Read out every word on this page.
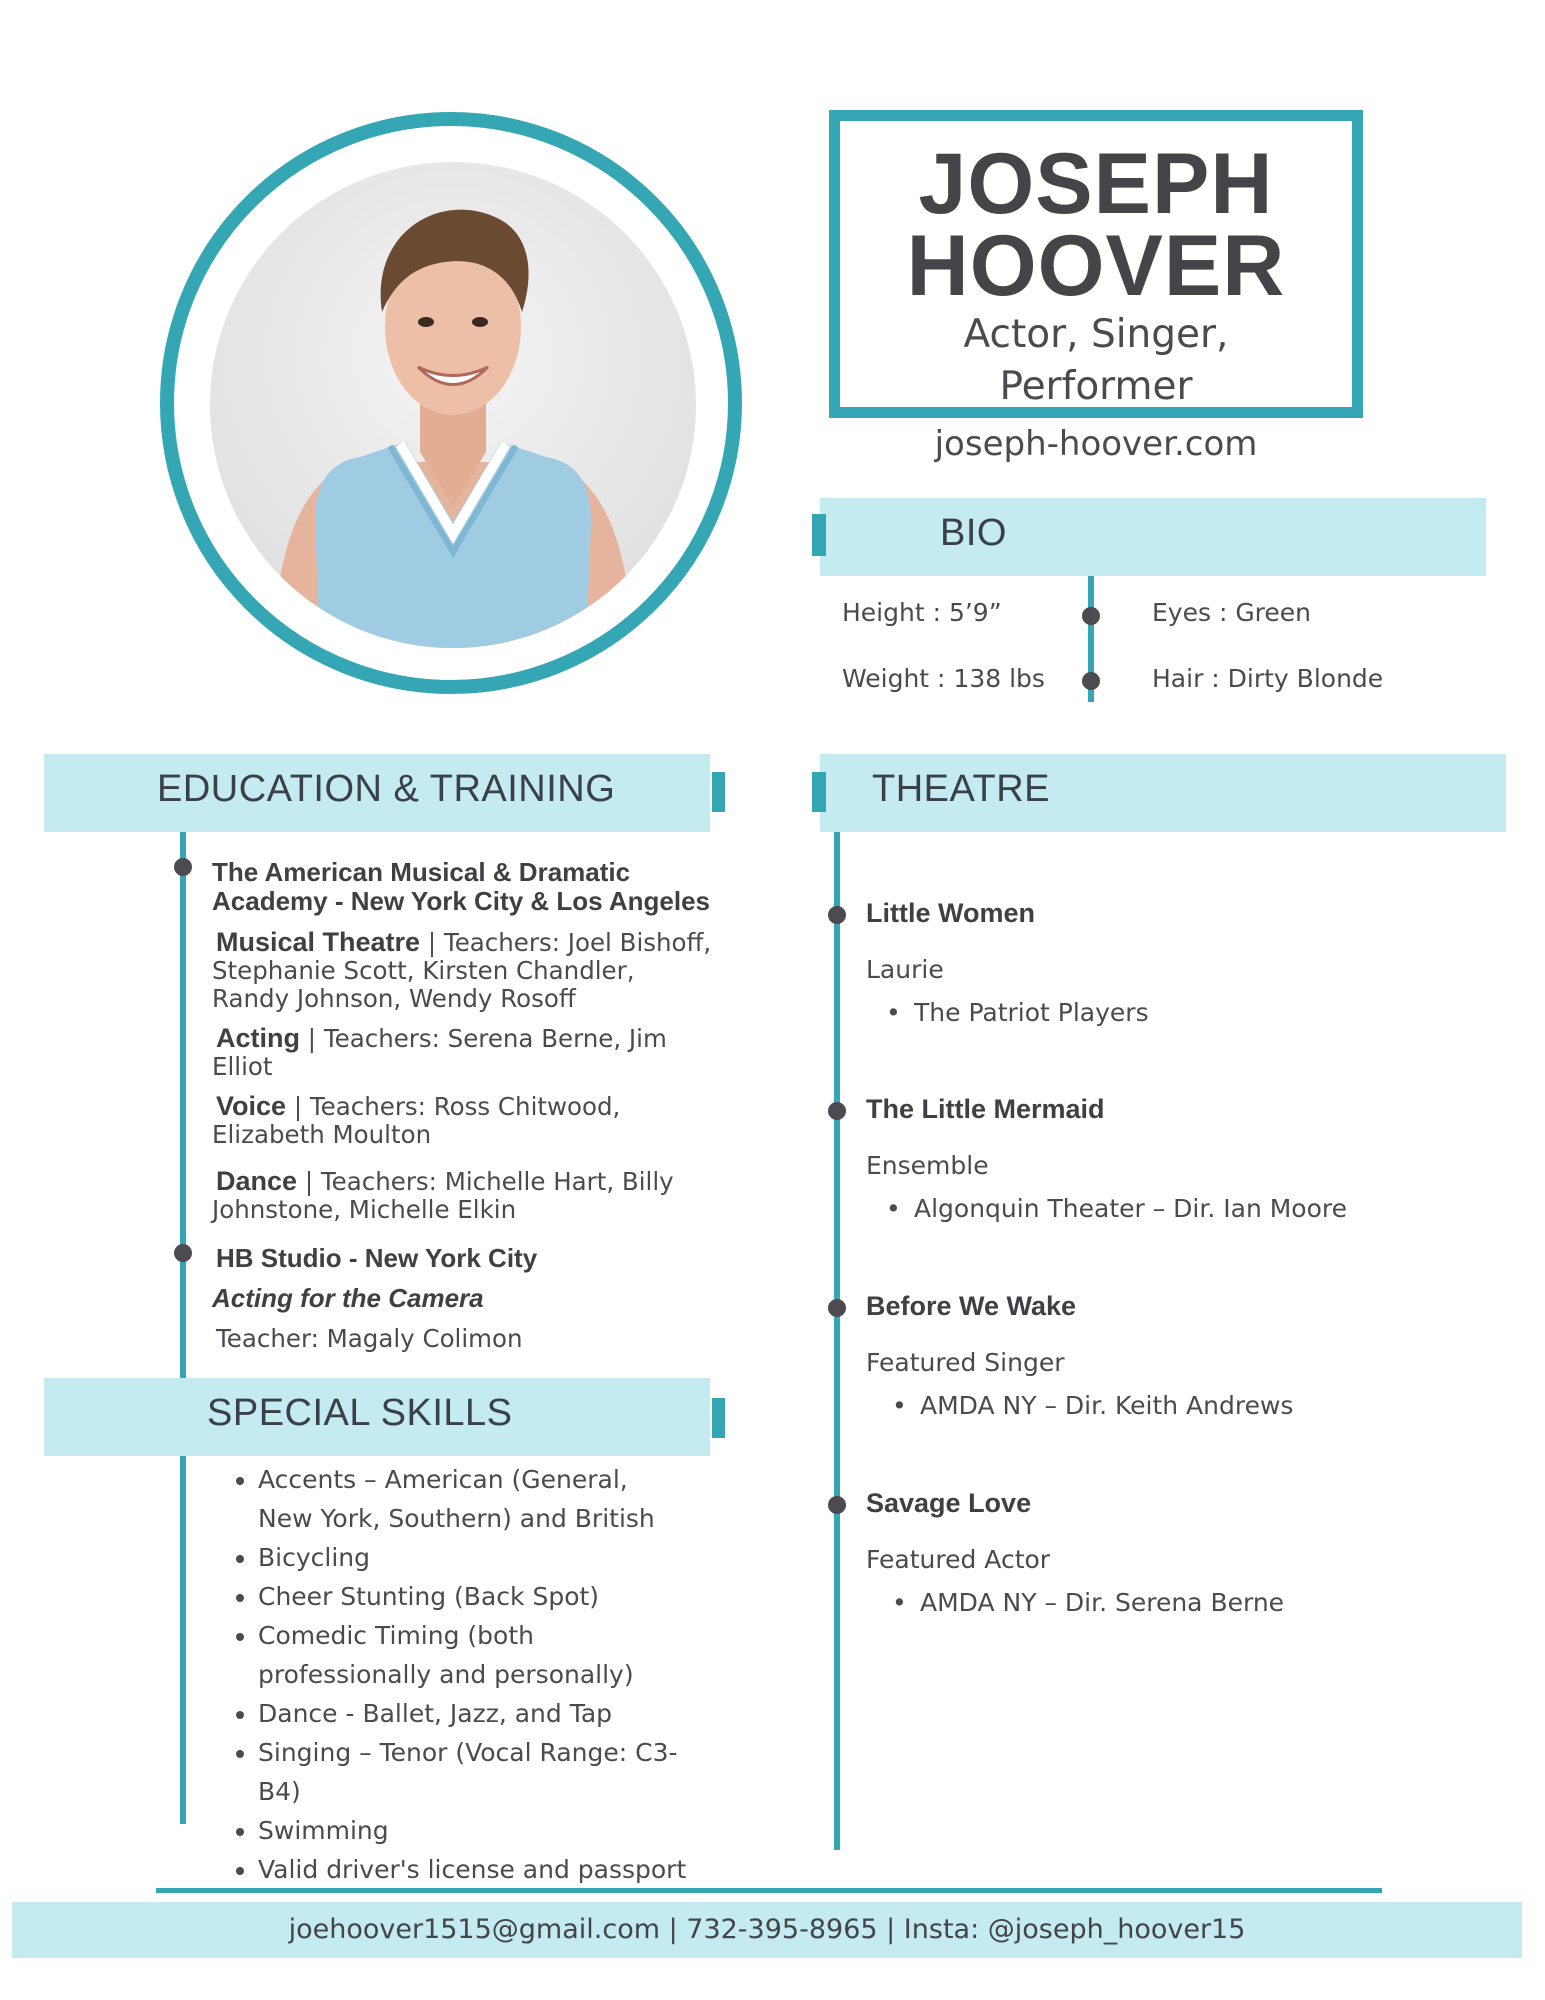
JOSEPH
HOOVER
Actor, Singer,
Performer
joseph-hoover.com
BIO
Height : 5’9”
Weight : 138 lbs
Eyes : Green
Hair : Dirty Blonde
EDUCATION & TRAINING
The American Musical & Dramatic
Academy - New York City & Los Angeles
Musical Theatre | Teachers: Joel Bishoff,
Stephanie Scott, Kirsten Chandler,
Randy Johnson, Wendy Rosoff
Acting | Teachers: Serena Berne, Jim Elliot
Voice | Teachers: Ross Chitwood,
Elizabeth Moulton
Dance | Teachers: Michelle Hart, Billy
Johnstone, Michelle Elkin
HB Studio - New York City
Acting for the Camera
Teacher: Magaly Colimon
SPECIAL SKILLS
• Accents – American (General, New York, Southern) and British
• Bicycling
• Cheer Stunting (Back Spot)
• Comedic Timing (both professionally and personally)
• Dance - Ballet, Jazz, and Tap
• Singing – Tenor (Vocal Range: C3-B4)
• Swimming
• Valid driver's license and passport
THEATRE
Little Women
Laurie
• The Patriot Players
The Little Mermaid
Ensemble
• Algonquin Theater – Dir. Ian Moore
Before We Wake
Featured Singer
• AMDA NY – Dir. Keith Andrews
Savage Love
Featured Actor
• AMDA NY – Dir. Serena Berne
joehoover1515@gmail.com | 732-395-8965 | Insta: @joseph_hoover15
